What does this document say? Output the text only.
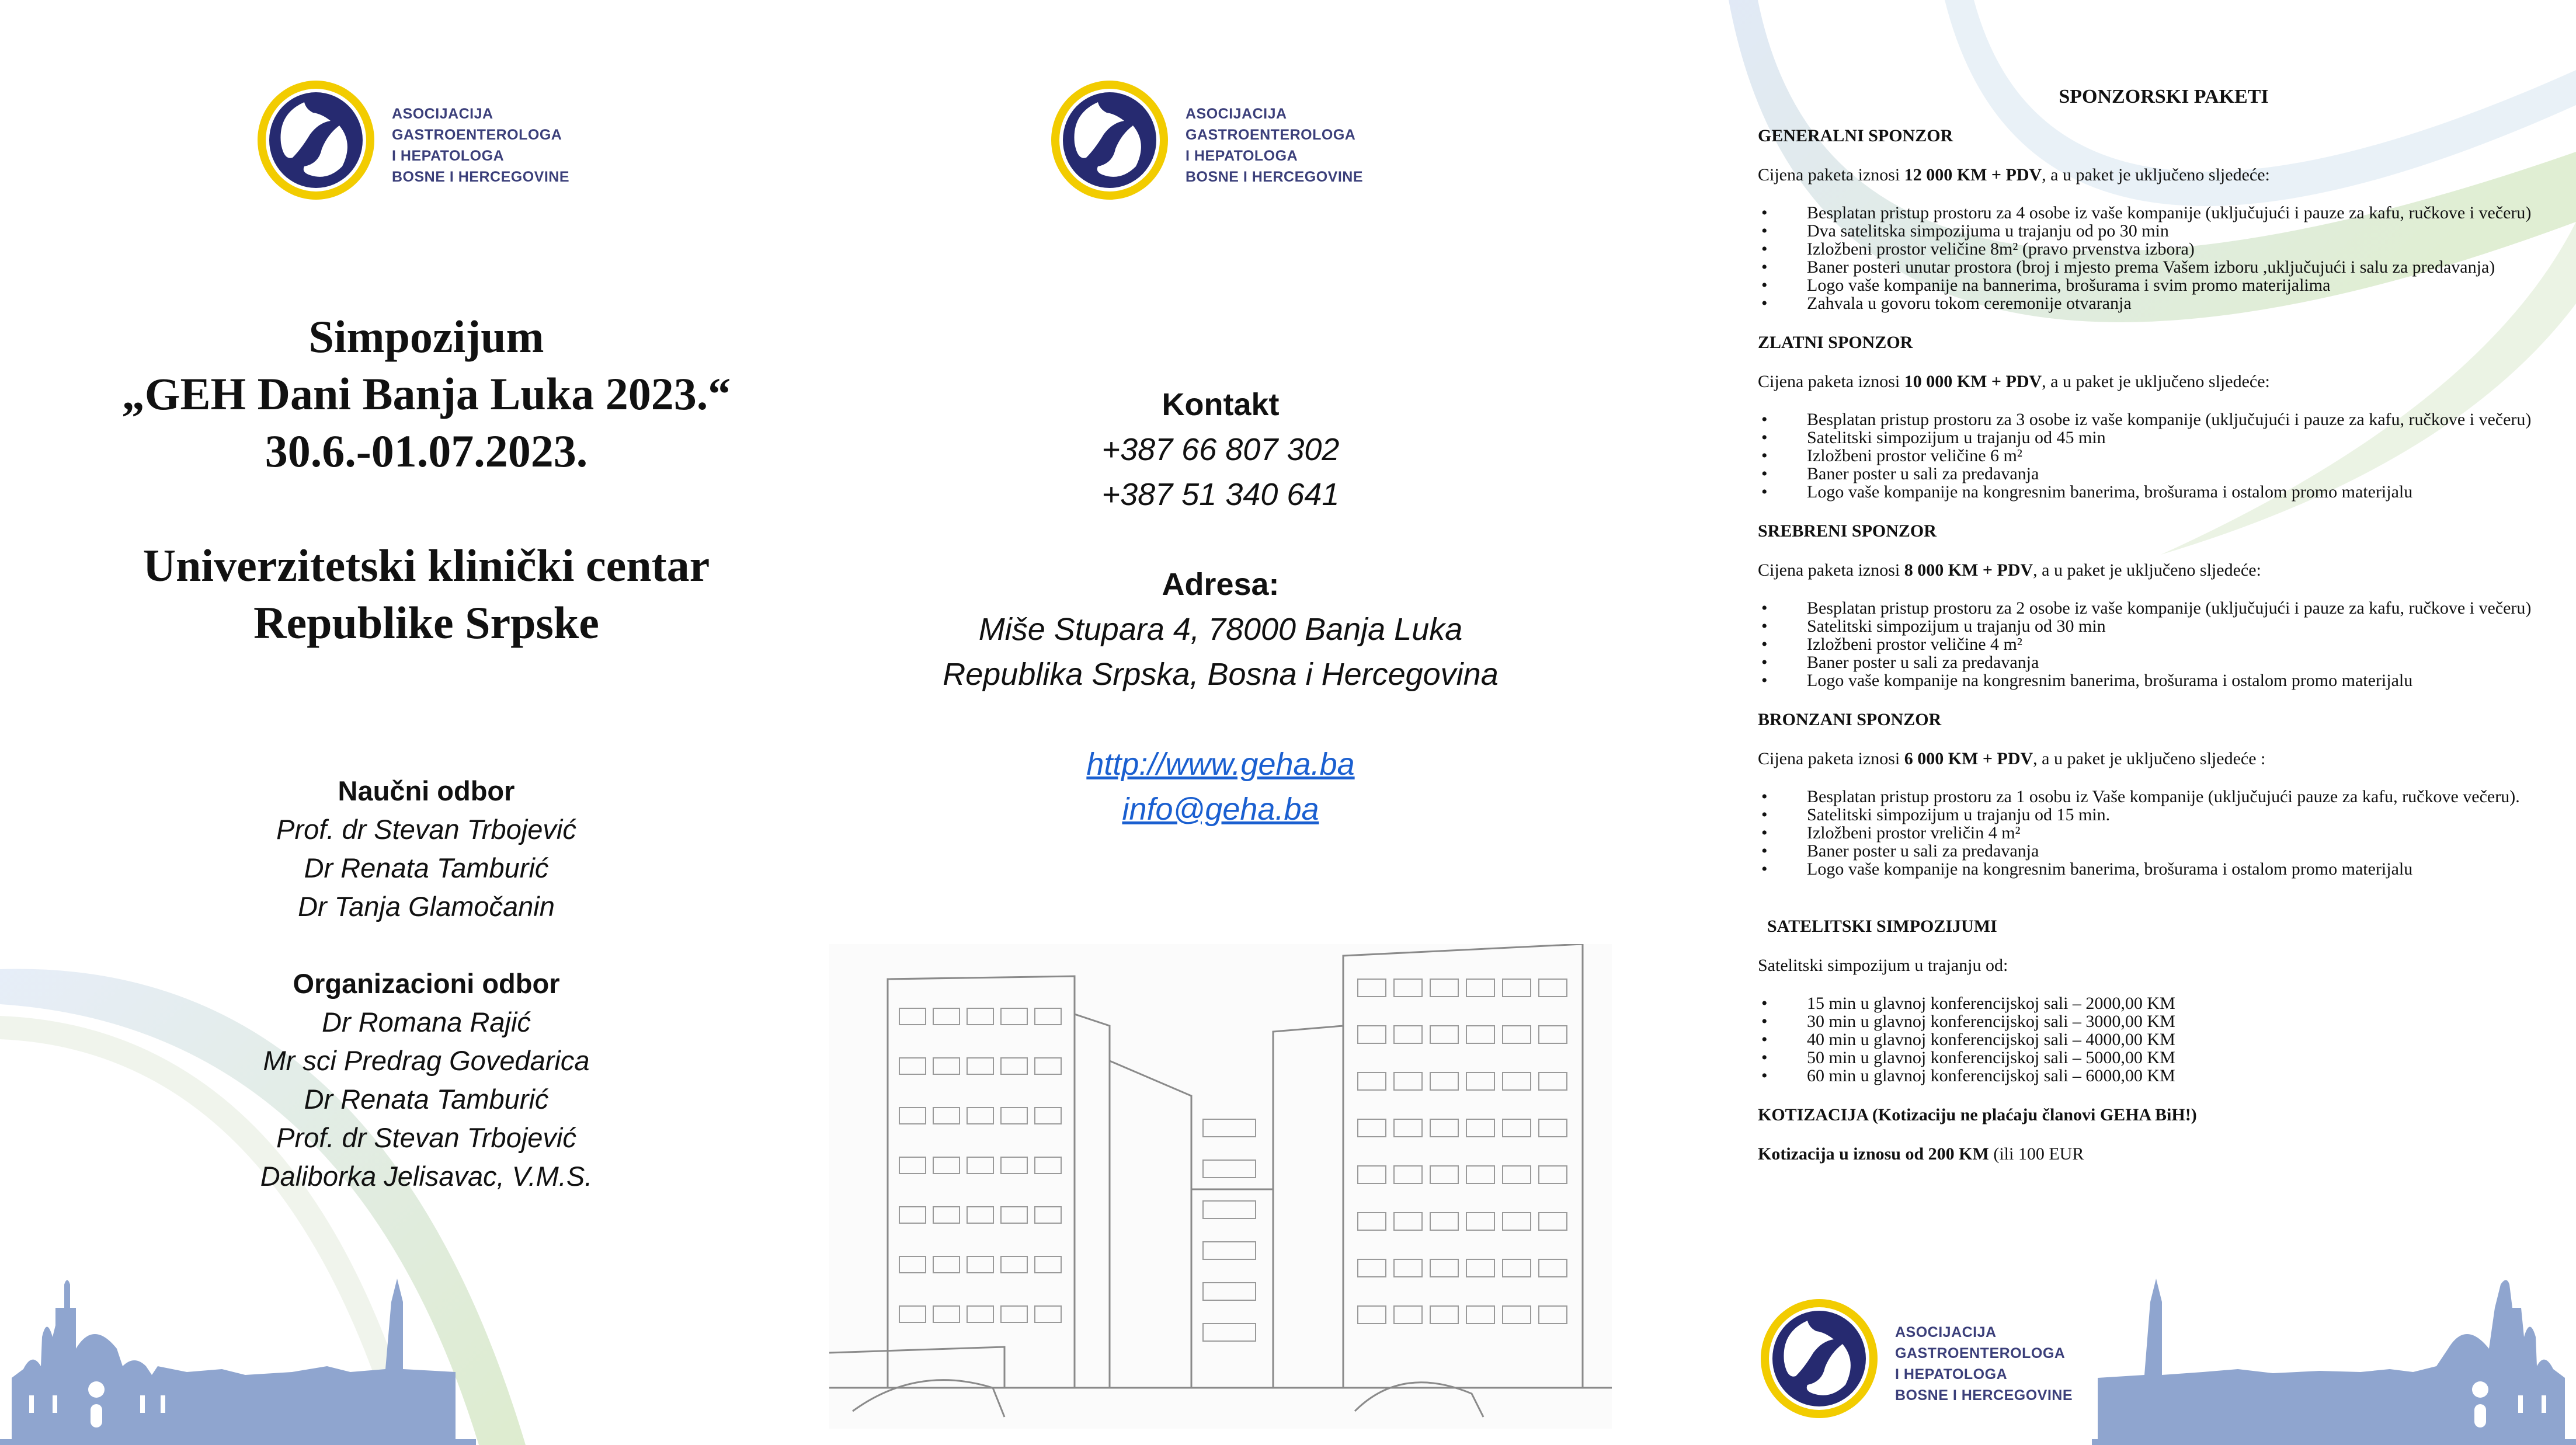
ASOCIJACIJA
GASTROENTEROLOGA
I HEPATOLOGA
BOSNE I HERCEGOVINE
ASOCIJACIJA
GASTROENTEROLOGA
I HEPATOLOGA
BOSNE I HERCEGOVINE
ASOCIJACIJA
GASTROENTEROLOGA
I HEPATOLOGA
BOSNE I HERCEGOVINE
Simpozijum
„GEH Dani Banja Luka 2023.“
30.6.-01.07.2023.
Univerzitetski klinički centar
Republike Srpske
Naučni odbor
Prof. dr Stevan Trbojević
Dr Renata Tamburić
Dr Tanja Glamočanin
Organizacioni odbor
Dr Romana Rajić
Mr sci Predrag Govedarica
Dr Renata Tamburić
Prof. dr Stevan Trbojević
Daliborka Jelisavac, V.M.S.
Kontakt
+387 66 807 302
+387 51 340 641
Adresa:
Miše Stupara 4, 78000 Banja Luka
Republika Srpska, Bosna i Hercegovina
http://www.geha.ba
info@geha.ba
SPONZORSKI PAKETI
GENERALNI SPONZOR
Cijena paketa iznosi 12 000 KM + PDV, a u paket je uključeno sljedeće:
• Besplatan pristup prostoru za 4 osobe iz vaše kompanije (uključujući i pauze za kafu, ručkove i večeru)
• Dva satelitska simpozijuma u trajanju od po 30 min
• Izložbeni prostor veličine 8m² (pravo prvenstva izbora)
• Baner posteri unutar prostora (broj i mjesto prema Vašem izboru ,uključujući i salu za predavanja)
• Logo vaše kompanije na bannerima, brošurama i svim promo materijalima
• Zahvala u govoru tokom ceremonije otvaranja
ZLATNI SPONZOR
Cijena paketa iznosi 10 000 KM + PDV, a u paket je uključeno sljedeće:
• Besplatan pristup prostoru za 3 osobe iz vaše kompanije (uključujući i pauze za kafu, ručkove i večeru)
• Satelitski simpozijum u trajanju od 45 min
• Izložbeni prostor veličine 6 m²
• Baner poster u sali za predavanja
• Logo vaše kompanije na kongresnim banerima, brošurama i ostalom promo materijalu
SREBRENI SPONZOR
Cijena paketa iznosi 8 000 KM + PDV, a u paket je uključeno sljedeće:
• Besplatan pristup prostoru za 2 osobe iz vaše kompanije (uključujući i pauze za kafu, ručkove i večeru)
• Satelitski simpozijum u trajanju od 30 min
• Izložbeni prostor veličine 4 m²
• Baner poster u sali za predavanja
• Logo vaše kompanije na kongresnim banerima, brošurama i ostalom promo materijalu
BRONZANI SPONZOR
Cijena paketa iznosi 6 000 KM + PDV, a u paket je uključeno sljedeće :
• Besplatan pristup prostoru za 1 osobu iz Vaše kompanije (uključujući pauze za kafu, ručkove večeru).
• Satelitski simpozijum u trajanju od 15 min.
• Izložbeni prostor vreličin 4 m²
• Baner poster u sali za predavanja
• Logo vaše kompanije na kongresnim banerima, brošurama i ostalom promo materijalu
SATELITSKI SIMPOZIJUMI
Satelitski simpozijum u trajanju od:
• 15 min u glavnoj konferencijskoj sali – 2000,00 KM
• 30 min u glavnoj konferencijskoj sali – 3000,00 KM
• 40 min u glavnoj konferencijskoj sali – 4000,00 KM
• 50 min u glavnoj konferencijskoj sali – 5000,00 KM
• 60 min u glavnoj konferencijskoj sali – 6000,00 KM
KOTIZACIJA (Kotizaciju ne plaćaju članovi GEHA BiH!)
Kotizacija u iznosu od 200 KM (ili 100 EUR
